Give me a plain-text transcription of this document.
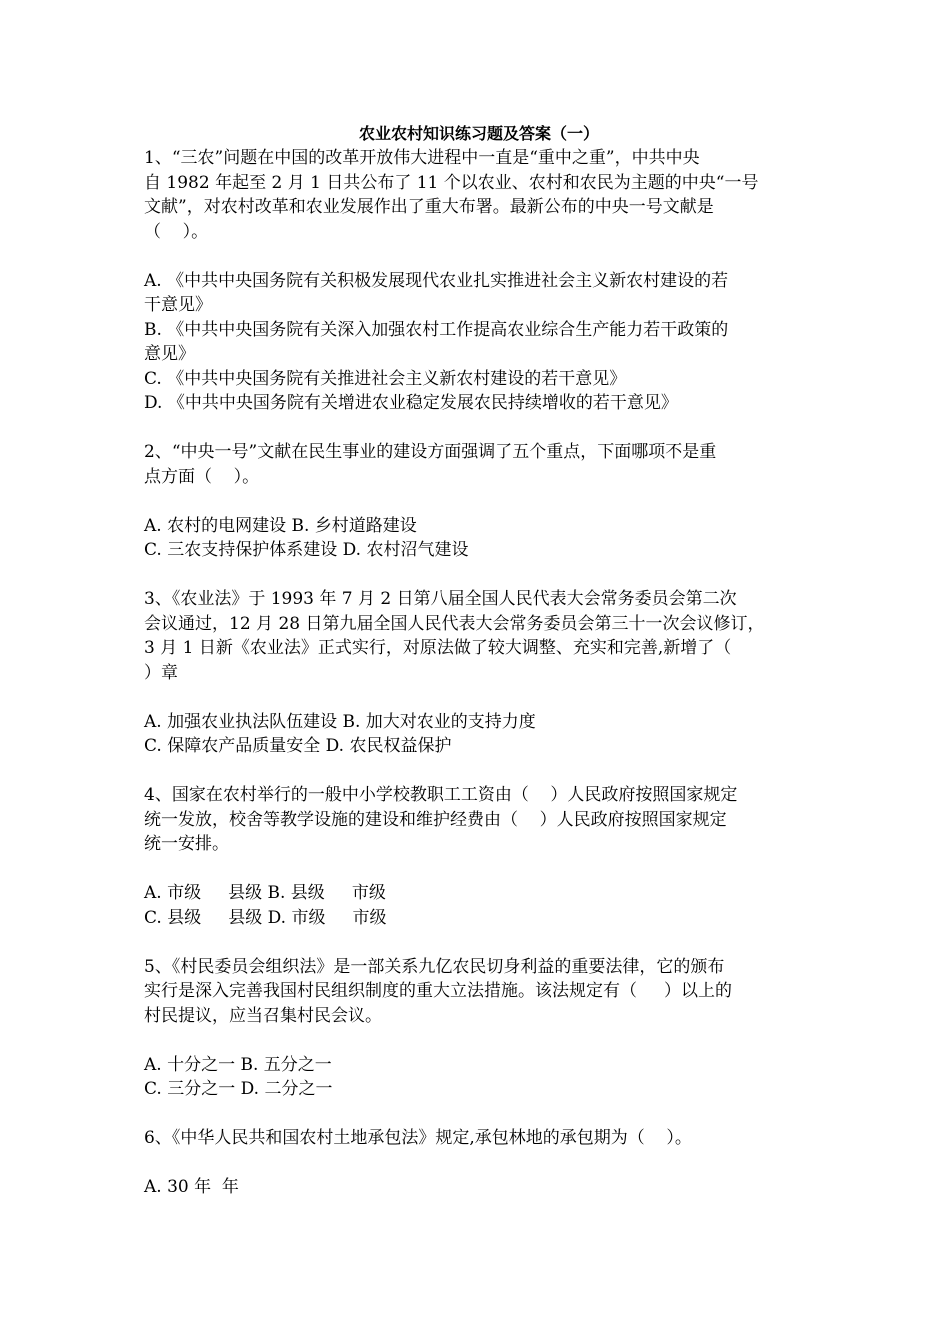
农业农村知识练习题及答案（一）

1、“三农”问题在中国的改革开放伟大进程中一直是“重中之重”，中共中央

自 1982 年起至 2 月 1 日共公布了 11 个以农业、农村和农民为主题的中央“一号

文献”，对农村改革和农业发展作出了重大布署。最新公布的中央一号文献是

（    ）。

A. 《中共中央国务院有关积极发展现代农业扎实推进社会主义新农村建设的若

干意见》

B. 《中共中央国务院有关深入加强农村工作提高农业综合生产能力若干政策的

意见》

C. 《中共中央国务院有关推进社会主义新农村建设的若干意见》

D. 《中共中央国务院有关增进农业稳定发展农民持续增收的若干意见》

2、“中央一号”文献在民生事业的建设方面强调了五个重点，下面哪项不是重

点方面（    ）。

A. 农村的电网建设 B. 乡村道路建设

C. 三农支持保护体系建设 D. 农村沼气建设

3、《农业法》于 1993 年 7 月 2 日第八届全国人民代表大会常务委员会第二次

会议通过，12 月 28 日第九届全国人民代表大会常务委员会第三十一次会议修订，

3 月 1 日新《农业法》正式实行，对原法做了较大调整、充实和完善,新增了（

）章

A. 加强农业执法队伍建设 B. 加大对农业的支持力度

C. 保障农产品质量安全 D. 农民权益保护

4、国家在农村举行的一般中小学校教职工工资由（    ）人民政府按照国家规定

统一发放，校舍等教学设施的建设和维护经费由（    ）人民政府按照国家规定

统一安排。

A. 市级     县级 B. 县级     市级

C. 县级     县级 D. 市级     市级

5、《村民委员会组织法》是一部关系九亿农民切身利益的重要法律，它的颁布

实行是深入完善我国村民组织制度的重大立法措施。该法规定有（     ）以上的

村民提议，应当召集村民会议。

A. 十分之一 B. 五分之一

C. 三分之一 D. 二分之一

6、《中华人民共和国农村土地承包法》规定,承包林地的承包期为（    ）。

A. 30 年  年
